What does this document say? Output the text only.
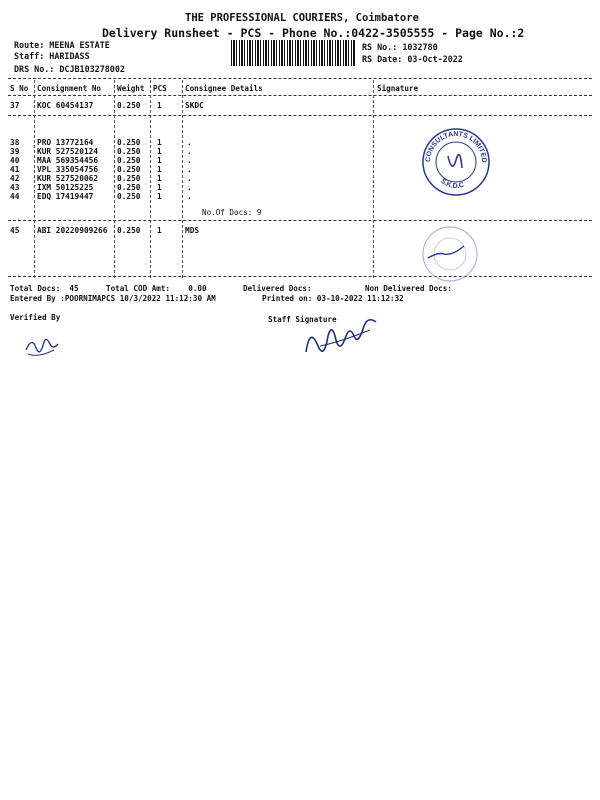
THE PROFESSIONAL COURIERS, Coimbatore
Delivery Runsheet - PCS - Phone No.:0422-3505555 - Page No.:2
Route: MEENA ESTATE
Staff: HARIDASS
DRS No.: DCJB103278002
RS No.: 1032780
RS Date: 03-Oct-2022
S No Consignment No Weight PCS Consignee Details	Signature
37 KOC 60454137	0.250 1	SKDC
38 PRO 13772164	0.250 1	.
39 KUR 527520124 0.250 1	.
40 MAA 569354456 0.250 1	.
41 VPL 335054756 0.250 1	.
42 KUR 527520062 0.250 1	.
43 IXM 50125225	0.250 1	.
44 EDQ 17419447	0.250 1	.
No.Of Docs: 9
45 ABI 20220909266 0.250 1	MDS
CONSULTANTS LIMITED
S.K.D.C
Total Docs:  45	Total COD Amt:    0.00	Delivered Docs:	Non Delivered Docs:
Entered By :POORNIMAPCS 10/3/2022 11:12:30 AM	Printed on: 03-10-2022 11:12:32
Verified By	Staff Signature
